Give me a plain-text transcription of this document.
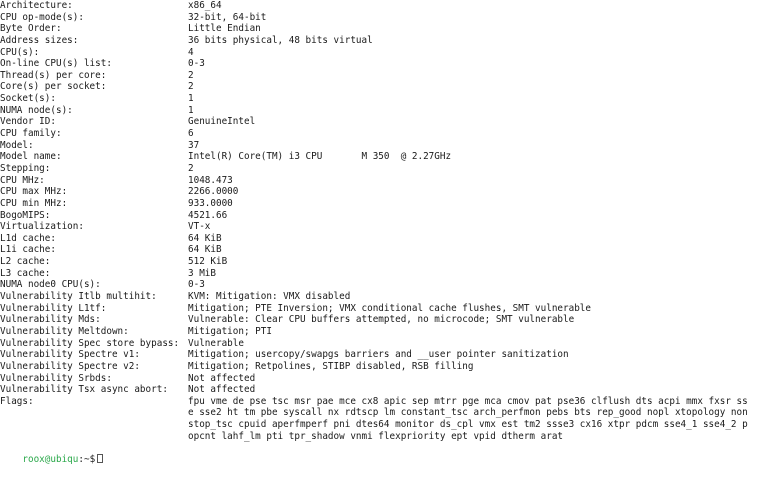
Architecture:	x86_64
CPU op-mode(s):	32-bit, 64-bit
Byte Order:	Little Endian
Address sizes:	36 bits physical, 48 bits virtual
CPU(s):	4
On-line CPU(s) list:	0-3
Thread(s) per core:	2
Core(s) per socket:	2
Socket(s):	1
NUMA node(s):	1
Vendor ID:	GenuineIntel
CPU family:	6
Model:	37
Model name:	Intel(R) Core(TM) i3 CPU       M 350  @ 2.27GHz
Stepping:	2
CPU MHz:	1048.473
CPU max MHz:	2266.0000
CPU min MHz:	933.0000
BogoMIPS:	4521.66
Virtualization:	VT-x
L1d cache:	64 KiB
L1i cache:	64 KiB
L2 cache:	512 KiB
L3 cache:	3 MiB
NUMA node0 CPU(s):	0-3
Vulnerability Itlb multihit:	KVM: Mitigation: VMX disabled
Vulnerability L1tf:	Mitigation; PTE Inversion; VMX conditional cache flushes, SMT vulnerable
Vulnerability Mds:	Vulnerable: Clear CPU buffers attempted, no microcode; SMT vulnerable
Vulnerability Meltdown:	Mitigation; PTI
Vulnerability Spec store bypass: Vulnerable
Vulnerability Spectre v1:	Mitigation; usercopy/swapgs barriers and __user pointer sanitization
Vulnerability Spectre v2:	Mitigation; Retpolines, STIBP disabled, RSB filling
Vulnerability Srbds:	Not affected
Vulnerability Tsx async abort:	Not affected
Flags:	fpu vme de pse tsc msr pae mce cx8 apic sep mtrr pge mca cmov pat pse36 clflush dts acpi mmx fxsr ss
e sse2 ht tm pbe syscall nx rdtscp lm constant_tsc arch_perfmon pebs bts rep_good nopl xtopology non
stop_tsc cpuid aperfmperf pni dtes64 monitor ds_cpl vmx est tm2 ssse3 cx16 xtpr pdcm sse4_1 sse4_2 p
opcnt lahf_lm pti tpr_shadow vnmi flexpriority ept vpid dtherm arat

roox@ubiqu:~$
